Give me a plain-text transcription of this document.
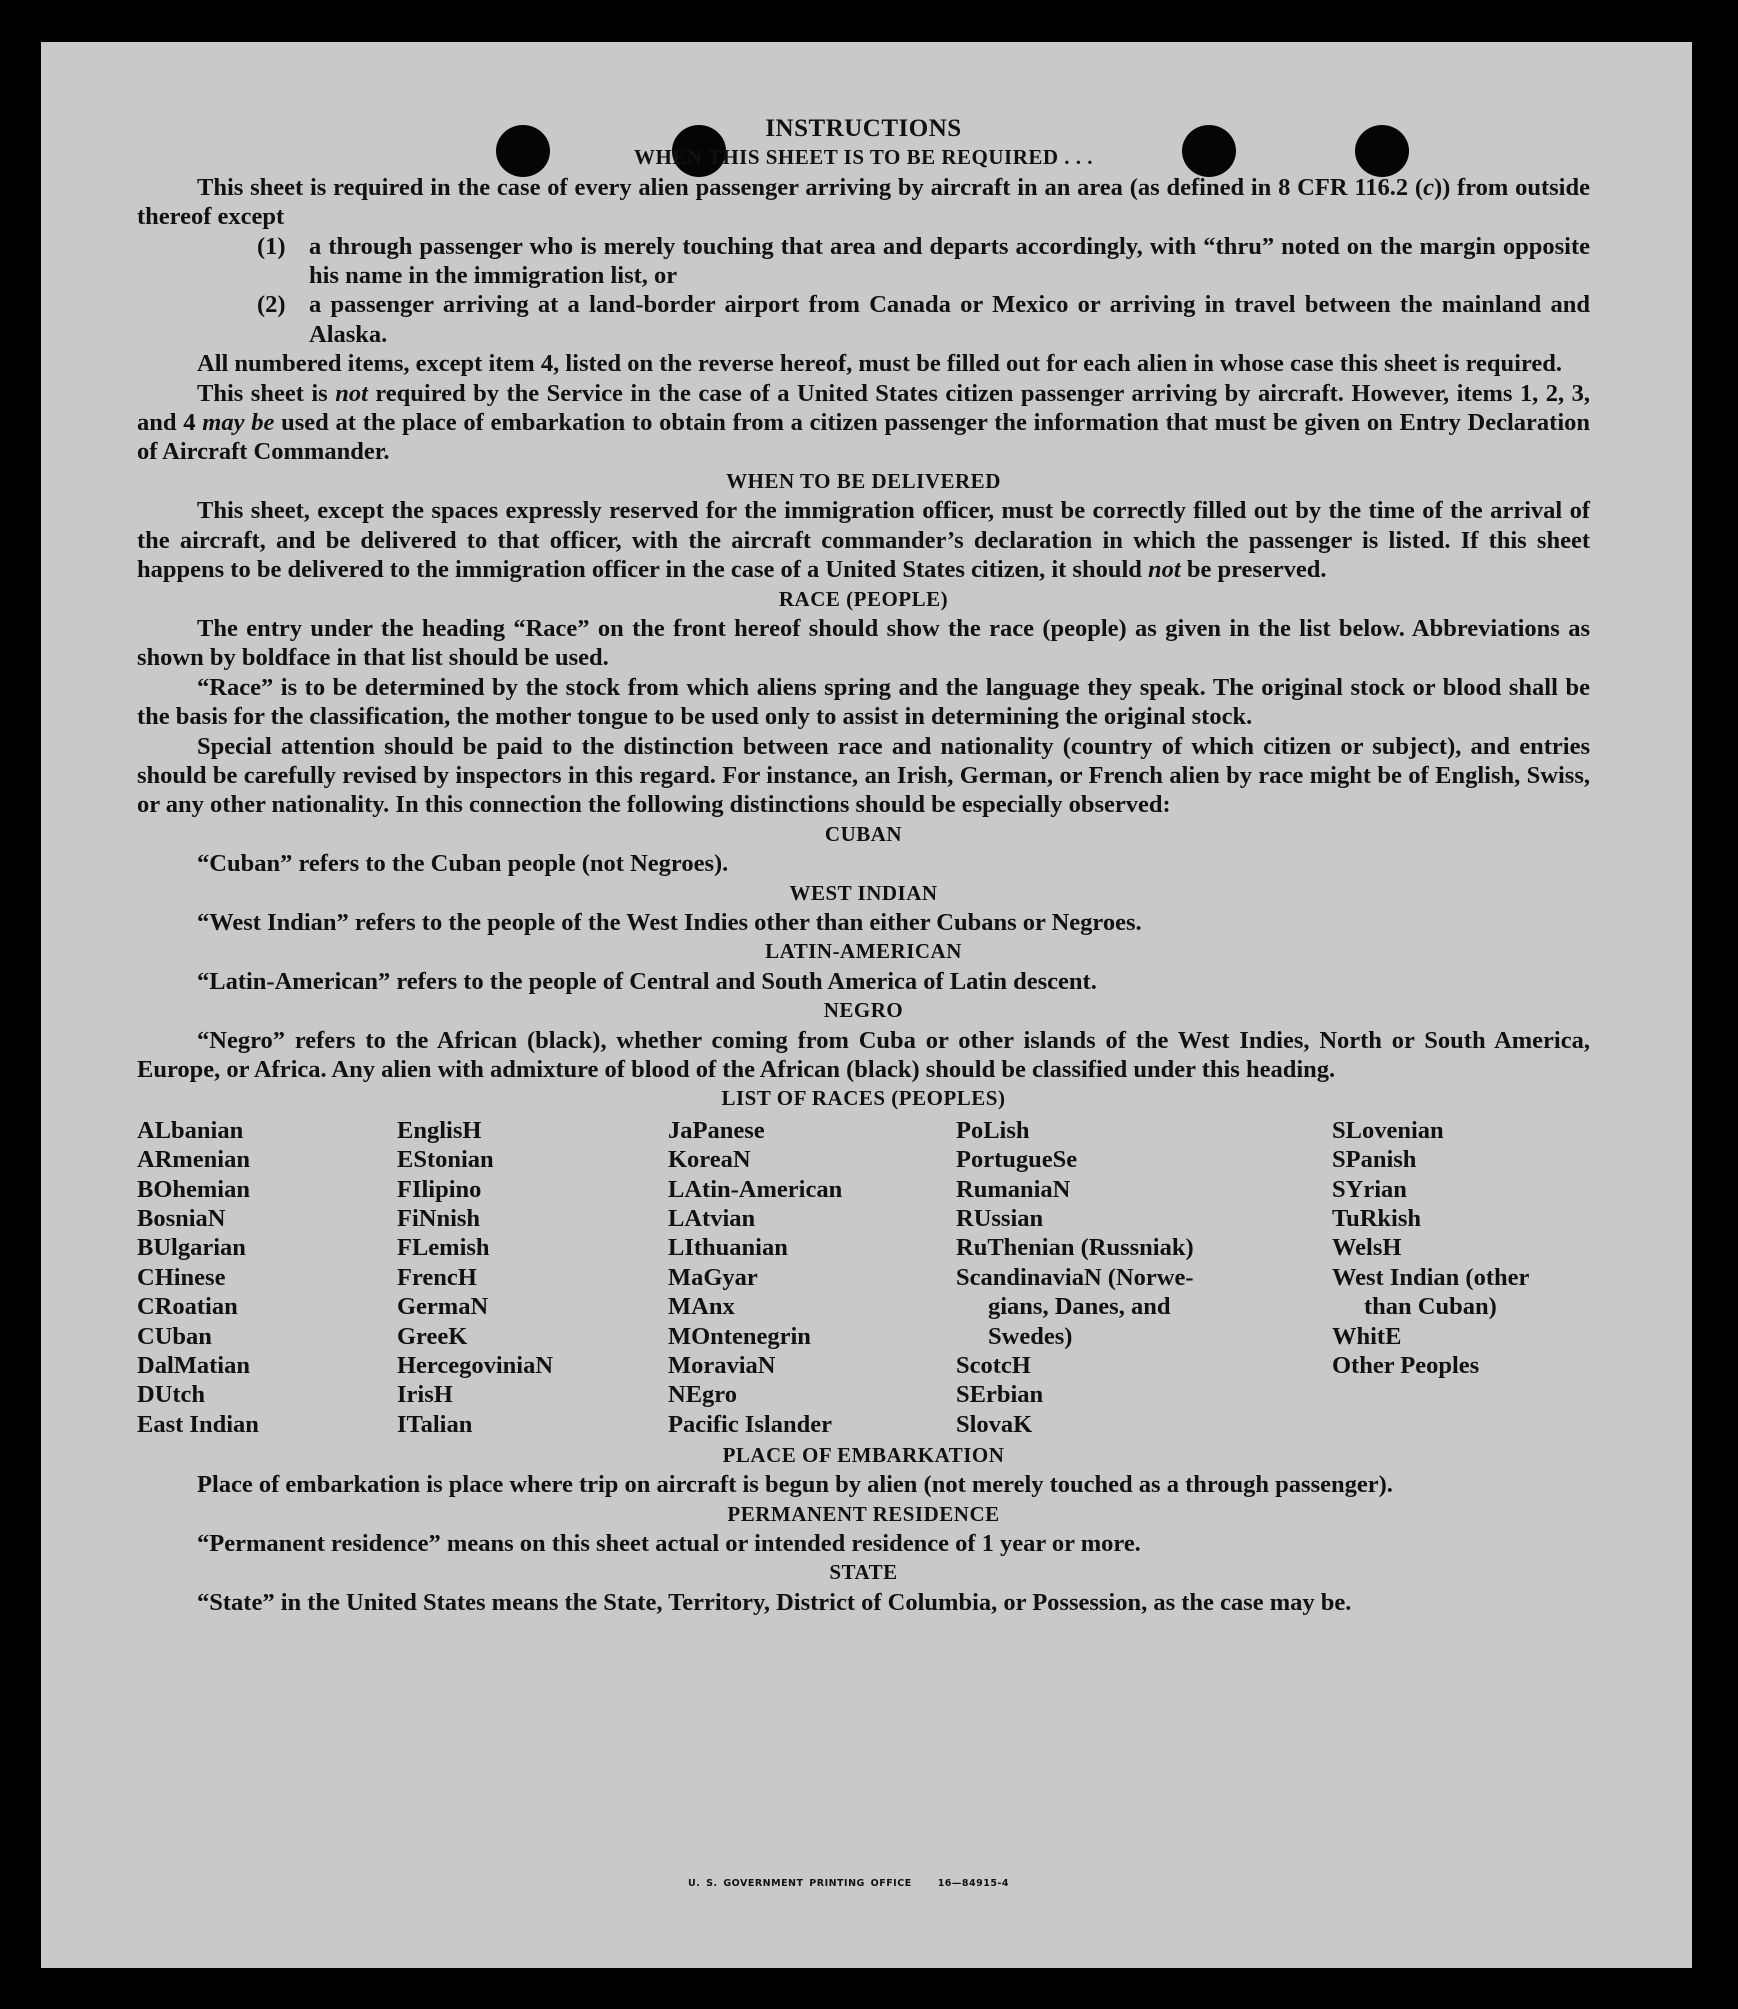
INSTRUCTIONS
WHEN THIS SHEET IS TO BE REQUIRED . . .

This sheet is required in the case of every alien passenger arriving by aircraft in an area (as defined in 8 CFR 116.2 (c)) from outside thereof except

(1) a through passenger who is merely touching that area and departs accordingly, with “thru” noted on the margin opposite his name in the immigration list, or
(2) a passenger arriving at a land-border airport from Canada or Mexico or arriving in travel between the mainland and Alaska.

All numbered items, except item 4, listed on the reverse hereof, must be filled out for each alien in whose case this sheet is required.

This sheet is not required by the Service in the case of a United States citizen passenger arriving by aircraft. However, items 1, 2, 3, and 4 may be used at the place of embarkation to obtain from a citizen passenger the information that must be given on Entry Declaration of Aircraft Commander.

WHEN TO BE DELIVERED

This sheet, except the spaces expressly reserved for the immigration officer, must be correctly filled out by the time of the arrival of the aircraft, and be delivered to that officer, with the aircraft commander’s declaration in which the passenger is listed. If this sheet happens to be delivered to the immigration officer in the case of a United States citizen, it should not be preserved.

RACE (PEOPLE)

The entry under the heading “Race” on the front hereof should show the race (people) as given in the list below. Abbreviations as shown by boldface in that list should be used.

“Race” is to be determined by the stock from which aliens spring and the language they speak. The original stock or blood shall be the basis for the classification, the mother tongue to be used only to assist in determining the original stock.

Special attention should be paid to the distinction between race and nationality (country of which citizen or subject), and entries should be carefully revised by inspectors in this regard. For instance, an Irish, German, or French alien by race might be of English, Swiss, or any other nationality. In this connection the following distinctions should be especially observed:

CUBAN

“Cuban” refers to the Cuban people (not Negroes).

WEST INDIAN

“West Indian” refers to the people of the West Indies other than either Cubans or Negroes.

LATIN-AMERICAN

“Latin-American” refers to the people of Central and South America of Latin descent.

NEGRO

“Negro” refers to the African (black), whether coming from Cuba or other islands of the West Indies, North or South America, Europe, or Africa. Any alien with admixture of blood of the African (black) should be classified under this heading.

LIST OF RACES (PEOPLES)
ALbanian
ARmenian
BOhemian
BosniaN
BUlgarian
CHinese
CRoatian
CUban
DalMatian
DUtch
East Indian
EnglisH
EStonian
FIlipino
FiNnish
FLemish
FrencH
GermaN
GreeK
HercegoviniaN
IrisH
ITalian
JaPanese
KoreaN
LAtin-American
LAtvian
LIthuanian
MaGyar
MAnx
MOntenegrin
MoraviaN
NEgro
Pacific Islander
PoLish
PortugueSe
RumaniaN
RUssian
RuThenian (Russniak)
ScandinaviaN (Norwe-
gians, Danes, and
Swedes)
ScotcH
SErbian
SlovaK
SLovenian
SPanish
SYrian
TuRkish
WelsH
West Indian (other
than Cuban)
WhitE
Other Peoples
PLACE OF EMBARKATION

Place of embarkation is place where trip on aircraft is begun by alien (not merely touched as a through passenger).

PERMANENT RESIDENCE

“Permanent residence” means on this sheet actual or intended residence of 1 year or more.

STATE

“State” in the United States means the State, Territory, District of Columbia, or Possession, as the case may be.

U. S. GOVERNMENT PRINTING OFFICE	16—84915-4
